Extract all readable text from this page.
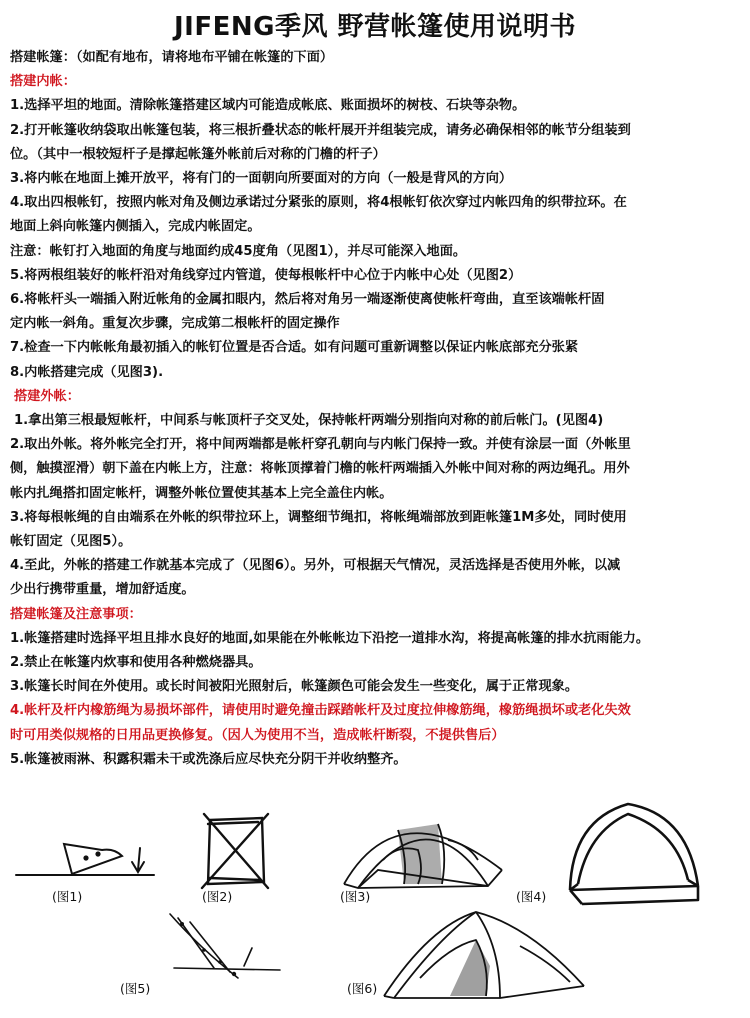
JIFENG季风 野营帐篷使用说明书
搭建帐篷：（如配有地布，请将地布平铺在帐篷的下面）
搭建内帐：
1.选择平坦的地面。清除帐篷搭建区域内可能造成帐底、账面损坏的树枝、石块等杂物。
2.打开帐篷收纳袋取出帐篷包装，将三根折叠状态的帐杆展开并组装完成，请务必确保相邻的帐节分组装到
位。（其中一根较短杆子是撑起帐篷外帐前后对称的门檐的杆子）
3.将内帐在地面上摊开放平，将有门的一面朝向所要面对的方向（一般是背风的方向）
4.取出四根帐钉，按照内帐对角及侧边承诺过分紧张的原则，将4根帐钉依次穿过内帐四角的织带拉环。在
地面上斜向帐篷内侧插入，完成内帐固定。
注意：帐钉打入地面的角度与地面约成45度角（见图1），并尽可能深入地面。
5.将两根组装好的帐杆沿对角线穿过内管道，使每根帐杆中心位于内帐中心处（见图2）
6.将帐杆头一端插入附近帐角的金属扣眼内，然后将对角另一端逐渐使离使帐杆弯曲，直至该端帐杆固
定内帐一斜角。重复次步骤，完成第二根帐杆的固定操作
7.检查一下内帐帐角最初插入的帐钉位置是否合适。如有问题可重新调整以保证内帐底部充分张紧
8.内帐搭建完成（见图3).
搭建外帐：
1.拿出第三根最短帐杆，中间系与帐顶杆子交叉处，保持帐杆两端分别指向对称的前后帐门。(见图4)
2.取出外帐。将外帐完全打开，将中间两端都是帐杆穿孔朝向与内帐门保持一致。并使有涂层一面（外帐里
侧，触摸涩滑）朝下盖在内帐上方，注意：将帐顶撑着门檐的帐杆两端插入外帐中间对称的两边绳孔。用外
帐内扎绳搭扣固定帐杆，调整外帐位置使其基本上完全盖住内帐。
3.将每根帐绳的自由端系在外帐的织带拉环上，调整细节绳扣，将帐绳端部放到距帐篷1M多处，同时使用
帐钉固定（见图5）。
4.至此，外帐的搭建工作就基本完成了（见图6）。另外，可根据天气情况，灵活选择是否使用外帐，以减
少出行携带重量，增加舒适度。
搭建帐篷及注意事项：
1.帐篷搭建时选择平坦且排水良好的地面,如果能在外帐帐边下沿挖一道排水沟，将提高帐篷的排水抗雨能力。
2.禁止在帐篷内炊事和使用各种燃烧器具。
3.帐篷长时间在外使用。或长时间被阳光照射后，帐篷颜色可能会发生一些变化，属于正常现象。
4.帐杆及杆内橡筋绳为易损坏部件，请使用时避免撞击踩踏帐杆及过度拉伸橡筋绳，橡筋绳损坏或老化失效
时可用类似规格的日用品更换修复。（因人为使用不当，造成帐杆断裂，不提供售后）
5.帐篷被雨淋、积露积霜未干或洗涤后应尽快充分阴干并收纳整齐。
(图1)	(图2)	(图3)	(图4)
(图5)	(图6)
